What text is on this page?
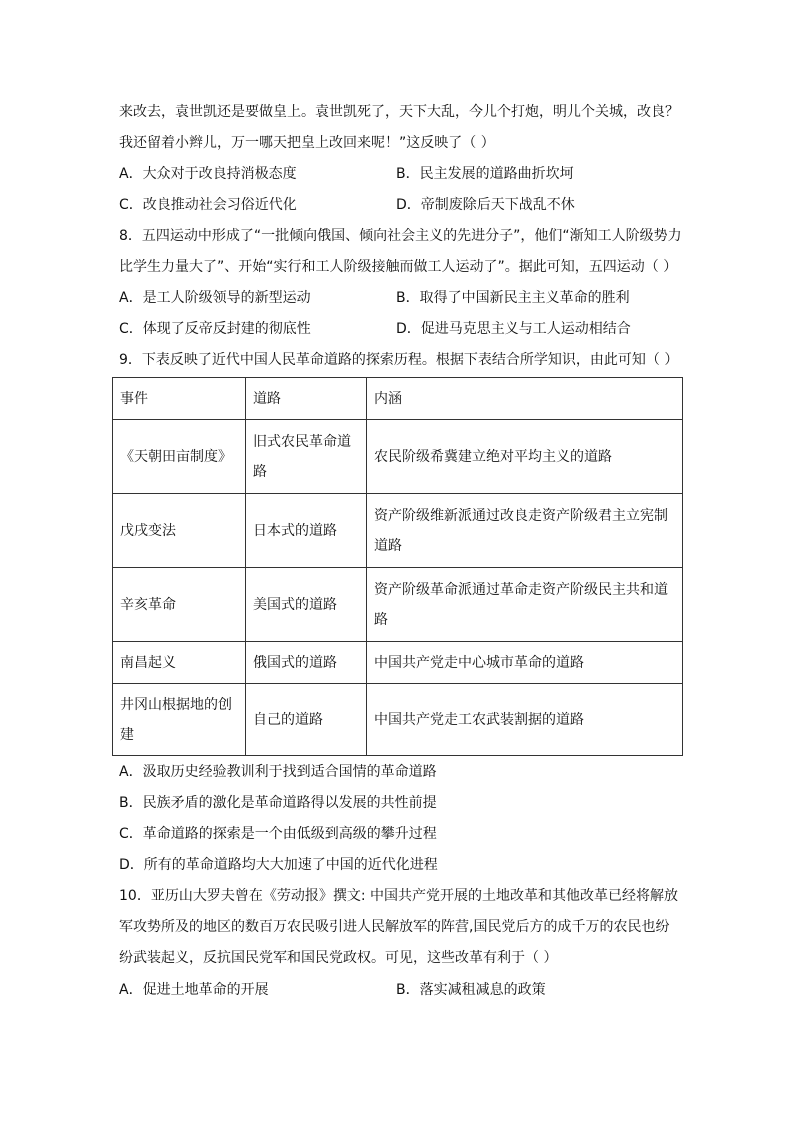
来改去，袁世凯还是要做皇上。袁世凯死了，天下大乱，今儿个打炮，明儿个关城，改良？
我还留着小辫儿，万一哪天把皇上改回来呢！”这反映了（ ）
A．大众对于改良持消极态度	B．民主发展的道路曲折坎坷
C．改良推动社会习俗近代化	D．帝制废除后天下战乱不休
8．五四运动中形成了“一批倾向俄国、倾向社会主义的先进分子”，他们“渐知工人阶级势力
比学生力量大了”、开始“实行和工人阶级接触而做工人运动了”。据此可知，五四运动（ ）
A．是工人阶级领导的新型运动	B．取得了中国新民主主义革命的胜利
C．体现了反帝反封建的彻底性	D．促进马克思主义与工人运动相结合
9．下表反映了近代中国人民革命道路的探索历程。根据下表结合所学知识，由此可知（ ）
事件	道路	内涵
《天朝田亩制度》	旧式农民革命道路	农民阶级希冀建立绝对平均主义的道路
戊戌变法	日本式的道路	资产阶级维新派通过改良走资产阶级君主立宪制道路
辛亥革命	美国式的道路	资产阶级革命派通过革命走资产阶级民主共和道路
南昌起义	俄国式的道路	中国共产党走中心城市革命的道路
井冈山根据地的创建	自己的道路	中国共产党走工农武装割据的道路
A．汲取历史经验教训利于找到适合国情的革命道路
B．民族矛盾的激化是革命道路得以发展的共性前提
C．革命道路的探索是一个由低级到高级的攀升过程
D．所有的革命道路均大大加速了中国的近代化进程
10．亚历山大罗夫曾在《劳动报》撰文: 中国共产党开展的土地改革和其他改革已经将解放
军攻势所及的地区的数百万农民吸引进人民解放军的阵营,国民党后方的成千万的农民也纷
纷武装起义，反抗国民党军和国民党政权。可见，这些改革有利于（ ）
A．促进土地革命的开展	B．落实减租减息的政策
